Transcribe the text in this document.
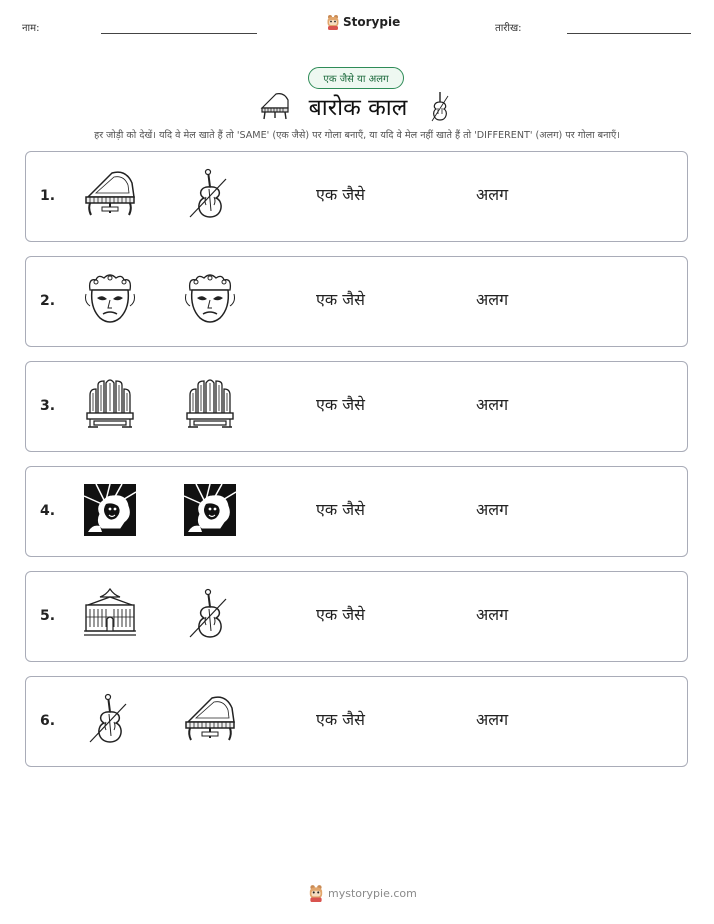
नाम:	Storypie	तारीख:
एक जैसे या अलग
बारोक काल
हर जोड़ी को देखें। यदि वे मेल खाते हैं तो 'SAME' (एक जैसे) पर गोला बनाएँ, या यदि वे मेल नहीं खाते हैं तो 'DIFFERENT' (अलग) पर गोला बनाएँ।
1.	एक जैसे	अलग
2.	एक जैसे	अलग
3.	एक जैसे	अलग
4.	एक जैसे	अलग
5.	एक जैसे	अलग
6.	एक जैसे	अलग
mystorypie.com
